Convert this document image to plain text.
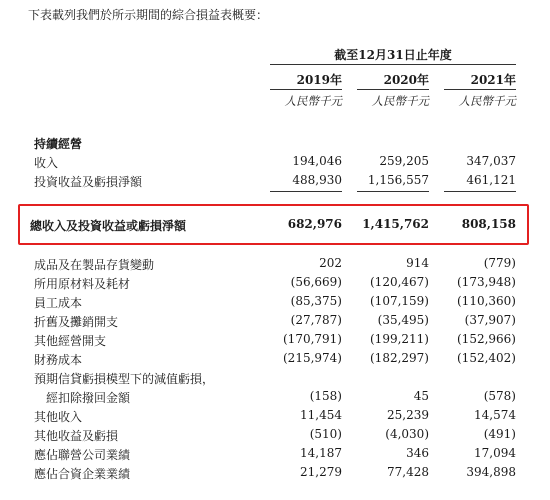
下表載列我們於所示期間的綜合損益表概要：
截至12月31日止年度
2019年	2020年	2021年
人民幣千元	人民幣千元	人民幣千元
持續經營
收入	194,046	259,205	347,037
投資收益及虧損淨額	488,930	1,156,557	461,121
總收入及投資收益或虧損淨額	682,976	1,415,762	808,158
成品及在製品存貨變動	202	914	(779)
所用原材料及耗材	(56,669)	(120,467)	(173,948)
員工成本	(85,375)	(107,159)	(110,360)
折舊及攤銷開支	(27,787)	(35,495)	(37,907)
其他經營開支	(170,791)	(199,211)	(152,966)
財務成本	(215,974)	(182,297)	(152,402)
預期信貸虧損模型下的減值虧損，
經扣除撥回金額	(158)	45	(578)
其他收入	11,454	25,239	14,574
其他收益及虧損	(510)	(4,030)	(491)
應佔聯營公司業績	14,187	346	17,094
應佔合資企業業績	21,279	77,428	394,898
